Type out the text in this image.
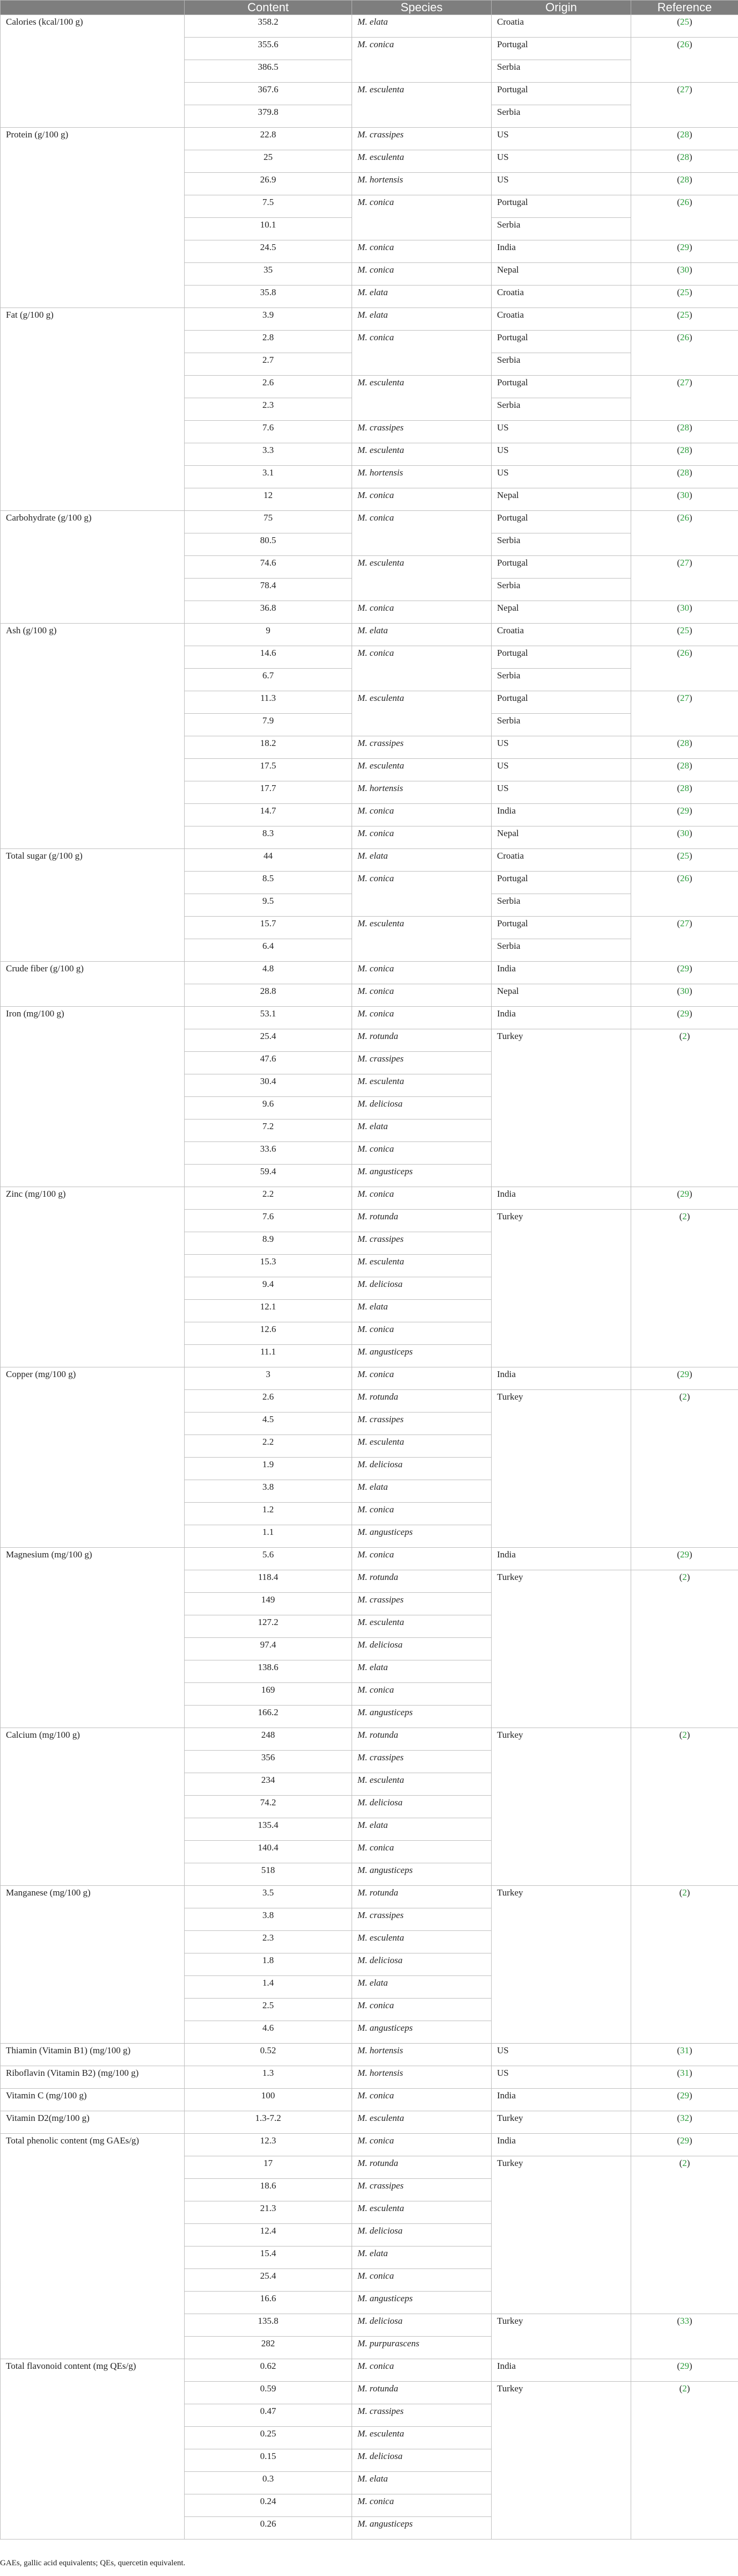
	Content	Species	Origin	Reference
Calories (kcal/100 g)	358.2	M. elata	Croatia	(25)
	355.6	M. conica	Portugal	(26)
	386.5		Serbia	
	367.6	M. esculenta	Portugal	(27)
	379.8		Serbia	
Protein (g/100 g)	22.8	M. crassipes	US	(28)
	25	M. esculenta	US	(28)
	26.9	M. hortensis	US	(28)
	7.5	M. conica	Portugal	(26)
	10.1		Serbia	
	24.5	M. conica	India	(29)
	35	M. conica	Nepal	(30)
	35.8	M. elata	Croatia	(25)
Fat (g/100 g)	3.9	M. elata	Croatia	(25)
	2.8	M. conica	Portugal	(26)
	2.7		Serbia	
	2.6	M. esculenta	Portugal	(27)
	2.3		Serbia	
	7.6	M. crassipes	US	(28)
	3.3	M. esculenta	US	(28)
	3.1	M. hortensis	US	(28)
	12	M. conica	Nepal	(30)
Carbohydrate (g/100 g)	75	M. conica	Portugal	(26)
	80.5		Serbia	
	74.6	M. esculenta	Portugal	(27)
	78.4		Serbia	
	36.8	M. conica	Nepal	(30)
Ash (g/100 g)	9	M. elata	Croatia	(25)
	14.6	M. conica	Portugal	(26)
	6.7		Serbia	
	11.3	M. esculenta	Portugal	(27)
	7.9		Serbia	
	18.2	M. crassipes	US	(28)
	17.5	M. esculenta	US	(28)
	17.7	M. hortensis	US	(28)
	14.7	M. conica	India	(29)
	8.3	M. conica	Nepal	(30)
Total sugar (g/100 g)	44	M. elata	Croatia	(25)
	8.5	M. conica	Portugal	(26)
	9.5		Serbia	
	15.7	M. esculenta	Portugal	(27)
	6.4		Serbia	
Crude fiber (g/100 g)	4.8	M. conica	India	(29)
	28.8	M. conica	Nepal	(30)
Iron (mg/100 g)	53.1	M. conica	India	(29)
	25.4	M. rotunda	Turkey	(2)
	47.6	M. crassipes		
	30.4	M. esculenta		
	9.6	M. deliciosa		
	7.2	M. elata		
	33.6	M. conica		
	59.4	M. angusticeps		
Zinc (mg/100 g)	2.2	M. conica	India	(29)
	7.6	M. rotunda	Turkey	(2)
	8.9	M. crassipes		
	15.3	M. esculenta		
	9.4	M. deliciosa		
	12.1	M. elata		
	12.6	M. conica		
	11.1	M. angusticeps		
Copper (mg/100 g)	3	M. conica	India	(29)
	2.6	M. rotunda	Turkey	(2)
	4.5	M. crassipes		
	2.2	M. esculenta		
	1.9	M. deliciosa		
	3.8	M. elata		
	1.2	M. conica		
	1.1	M. angusticeps		
Magnesium (mg/100 g)	5.6	M. conica	India	(29)
	118.4	M. rotunda	Turkey	(2)
	149	M. crassipes		
	127.2	M. esculenta		
	97.4	M. deliciosa		
	138.6	M. elata		
	169	M. conica		
	166.2	M. angusticeps		
Calcium (mg/100 g)	248	M. rotunda	Turkey	(2)
	356	M. crassipes		
	234	M. esculenta		
	74.2	M. deliciosa		
	135.4	M. elata		
	140.4	M. conica		
	518	M. angusticeps		
Manganese (mg/100 g)	3.5	M. rotunda	Turkey	(2)
	3.8	M. crassipes		
	2.3	M. esculenta		
	1.8	M. deliciosa		
	1.4	M. elata		
	2.5	M. conica		
	4.6	M. angusticeps		
Thiamin (Vitamin B1) (mg/100 g)	0.52	M. hortensis	US	(31)
Riboflavin (Vitamin B2) (mg/100 g)	1.3	M. hortensis	US	(31)
Vitamin C (mg/100 g)	100	M. conica	India	(29)
Vitamin D2(mg/100 g)	1.3-7.2	M. esculenta	Turkey	(32)
Total phenolic content (mg GAEs/g)	12.3	M. conica	India	(29)
	17	M. rotunda	Turkey	(2)
	18.6	M. crassipes		
	21.3	M. esculenta		
	12.4	M. deliciosa		
	15.4	M. elata		
	25.4	M. conica		
	16.6	M. angusticeps		
	135.8	M. deliciosa	Turkey	(33)
	282	M. purpurascens		
Total flavonoid content (mg QEs/g)	0.62	M. conica	India	(29)
	0.59	M. rotunda	Turkey	(2)
	0.47	M. crassipes		
	0.25	M. esculenta		
	0.15	M. deliciosa		
	0.3	M. elata		
	0.24	M. conica		
	0.26	M. angusticeps		
GAEs, gallic acid equivalents; QEs, quercetin equivalent.
